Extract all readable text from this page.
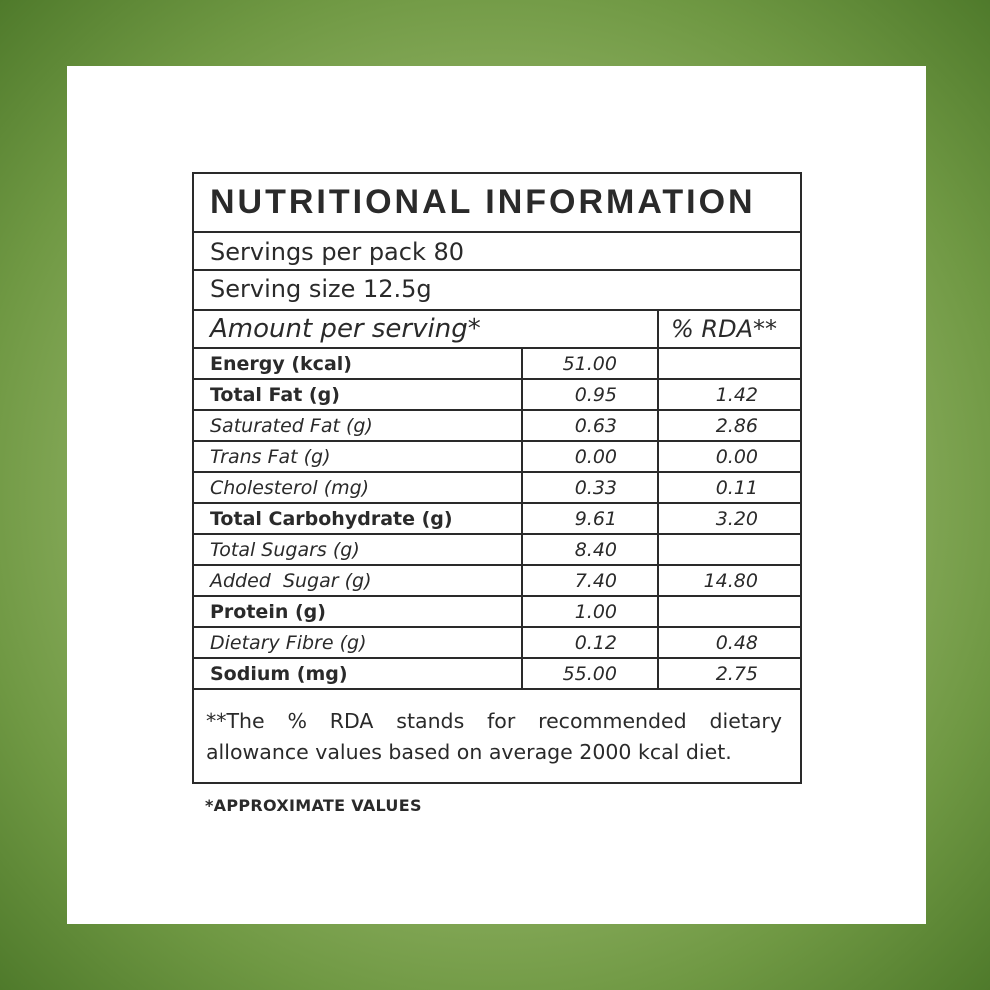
NUTRITIONAL INFORMATION
Servings per pack 80
Serving size 12.5g
Amount per serving*		% RDA**
Energy (kcal)	51.00	
Total Fat (g)	0.95	1.42
Saturated Fat (g)	0.63	2.86
Trans Fat (g)	0.00	0.00
Cholesterol (mg)	0.33	0.11
Total Carbohydrate (g)	9.61	3.20
Total Sugars (g)	8.40	
Added  Sugar (g)	7.40	14.80
Protein (g)	1.00	
Dietary Fibre (g)	0.12	0.48
Sodium (mg)	55.00	2.75
**The % RDA stands for recommended dietary allowance values based on average 2000 kcal diet.
*APPROXIMATE VALUES
